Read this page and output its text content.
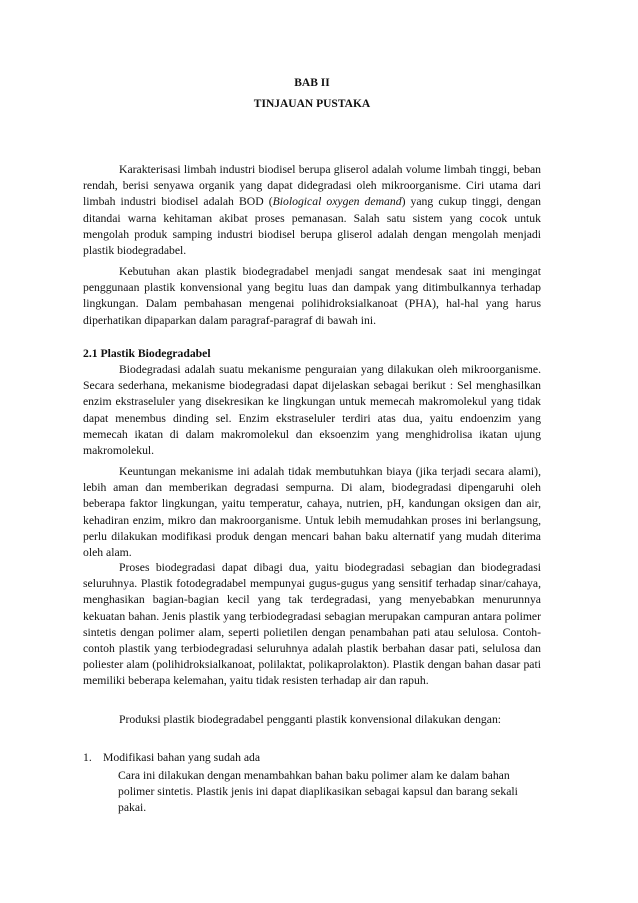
BAB II
TINJAUAN PUSTAKA

Karakterisasi limbah industri biodisel berupa gliserol adalah volume limbah tinggi, beban rendah, berisi senyawa organik yang dapat didegradasi oleh mikroorganisme. Ciri utama dari limbah industri biodisel adalah BOD (Biological oxygen demand) yang cukup tinggi, dengan ditandai warna kehitaman akibat proses pemanasan. Salah satu sistem yang cocok untuk mengolah produk samping industri biodisel berupa gliserol adalah dengan mengolah menjadi plastik biodegradabel.

Kebutuhan akan plastik biodegradabel menjadi sangat mendesak saat ini mengingat penggunaan plastik konvensional yang begitu luas dan dampak yang ditimbulkannya terhadap lingkungan. Dalam pembahasan mengenai polihidroksialkanoat (PHA), hal-hal yang harus diperhatikan dipaparkan dalam paragraf-paragraf di bawah ini.

2.1 Plastik Biodegradabel

Biodegradasi adalah suatu mekanisme penguraian yang dilakukan oleh mikroorganisme. Secara sederhana, mekanisme biodegradasi dapat dijelaskan sebagai berikut : Sel menghasilkan enzim ekstraseluler yang disekresikan ke lingkungan untuk memecah makromolekul yang tidak dapat menembus dinding sel. Enzim ekstraseluler terdiri atas dua, yaitu endoenzim yang memecah ikatan di dalam makromolekul dan eksoenzim yang menghidrolisa ikatan ujung makromolekul.

Keuntungan mekanisme ini adalah tidak membutuhkan biaya (jika terjadi secara alami), lebih aman dan memberikan degradasi sempurna. Di alam, biodegradasi dipengaruhi oleh beberapa faktor lingkungan, yaitu temperatur, cahaya, nutrien, pH, kandungan oksigen dan air, kehadiran enzim, mikro dan makroorganisme. Untuk lebih memudahkan proses ini berlangsung, perlu dilakukan modifikasi produk dengan mencari bahan baku alternatif yang mudah diterima oleh alam.

Proses biodegradasi dapat dibagi dua, yaitu biodegradasi sebagian dan biodegradasi seluruhnya. Plastik fotodegradabel mempunyai gugus-gugus yang sensitif terhadap sinar/cahaya, menghasikan bagian-bagian kecil yang tak terdegradasi, yang menyebabkan menurunnya kekuatan bahan. Jenis plastik yang terbiodegradasi sebagian merupakan campuran antara polimer sintetis dengan polimer alam, seperti polietilen dengan penambahan pati atau selulosa. Contoh-contoh plastik yang terbiodegradasi seluruhnya adalah plastik berbahan dasar pati, selulosa dan poliester alam (polihidroksialkanoat, polilaktat, polikaprolakton). Plastik dengan bahan dasar pati memiliki beberapa kelemahan, yaitu tidak resisten terhadap air dan rapuh.

Produksi plastik biodegradabel pengganti plastik konvensional dilakukan dengan:

1. Modifikasi bahan yang sudah ada

Cara ini dilakukan dengan menambahkan bahan baku polimer alam ke dalam bahan polimer sintetis. Plastik jenis ini dapat diaplikasikan sebagai kapsul dan barang sekali pakai.
